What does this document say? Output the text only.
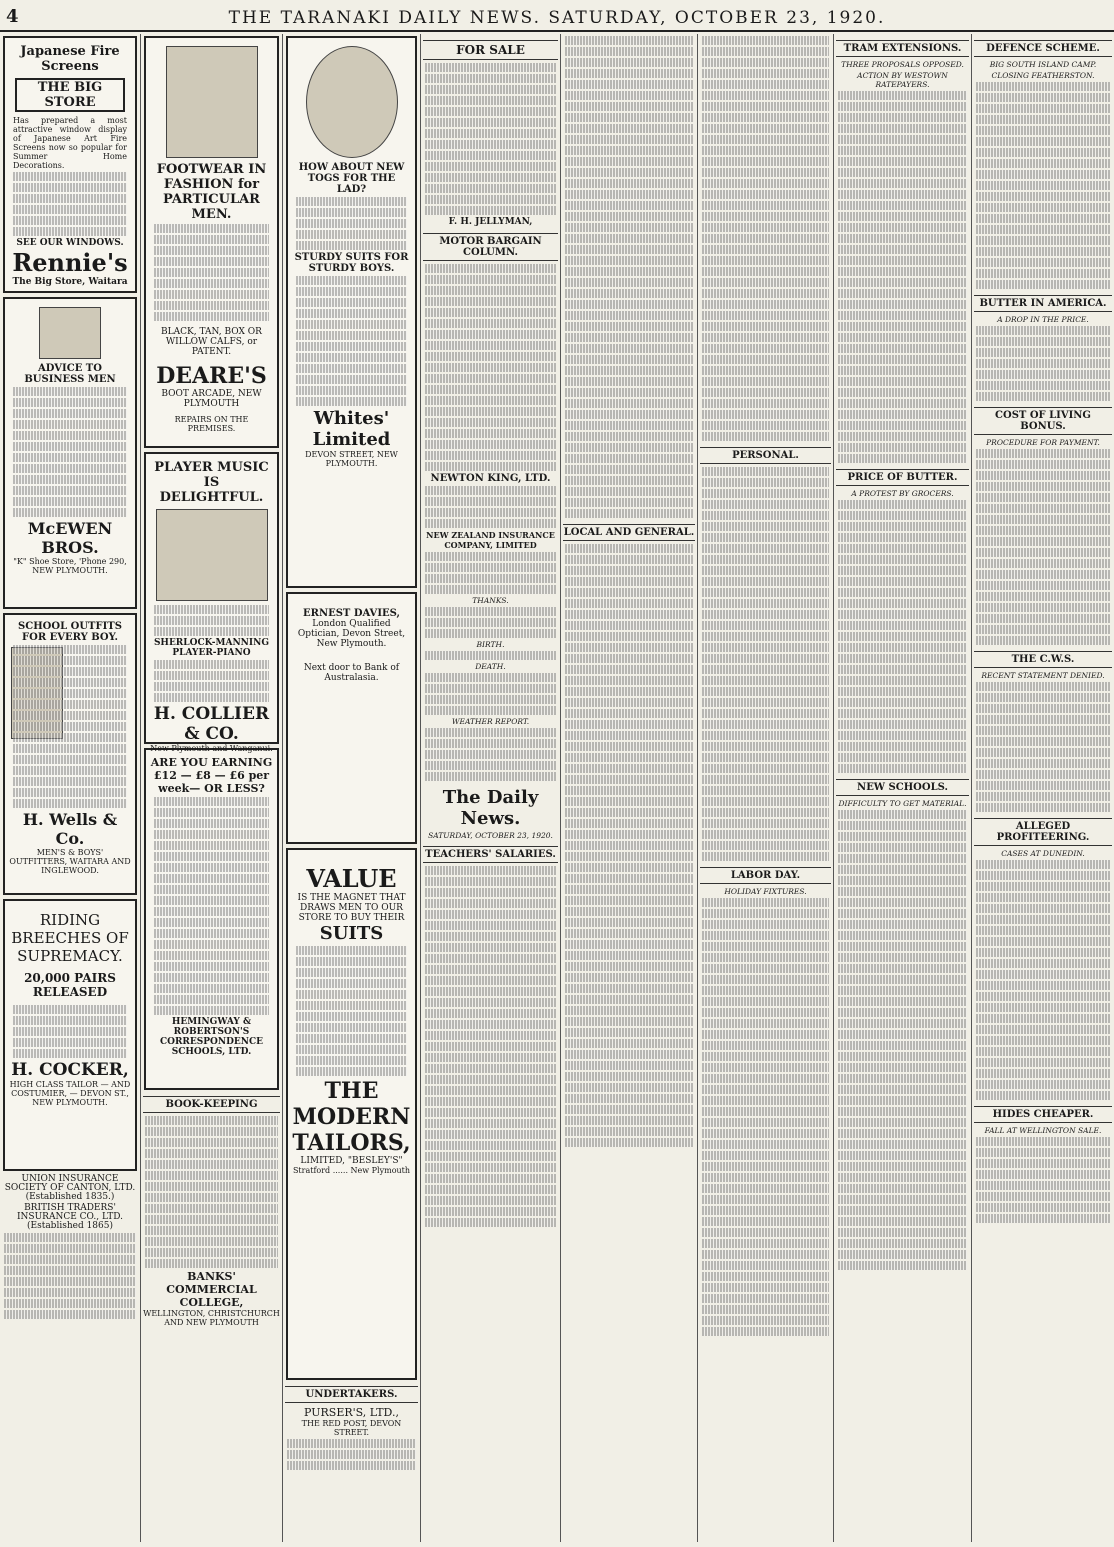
4	THE TARANAKI DAILY NEWS. SATURDAY, OCTOBER 23, 1920.
Japanese Fire Screens
THE BIG STORE
Has prepared a most attractive window display of Japanese Art Fire Screens now so popular for Summer Home Decorations.
SEE OUR WINDOWS.
Rennie's
The Big Store, Waitara
ADVICE TO BUSINESS MEN
McEWEN BROS.
"K" Shoe Store, 'Phone 290, NEW PLYMOUTH.
SCHOOL OUTFITS FOR EVERY BOY.
H. Wells & Co.
MEN'S & BOYS' OUTFITTERS, WAITARA AND INGLEWOOD.
RIDING BREECHES OF SUPREMACY.
20,000 PAIRS RELEASED
H. COCKER,
HIGH CLASS TAILOR — AND COSTUMIER, — DEVON ST., NEW PLYMOUTH.
UNION INSURANCE SOCIETY OF CANTON, LTD. (Established 1835.)
BRITISH TRADERS' INSURANCE CO., LTD. (Established 1865)
FOOTWEAR IN FASHION for PARTICULAR MEN.
BLACK, TAN, BOX OR WILLOW CALFS, or PATENT.
DEARE'S
BOOT ARCADE, NEW PLYMOUTH
REPAIRS ON THE PREMISES.
PLAYER MUSIC IS DELIGHTFUL.
SHERLOCK-MANNING PLAYER-PIANO
H. COLLIER & CO.
New Plymouth and Wanganui.
ARE YOU EARNING £12 — £8 — £6 per week— OR LESS?
HEMINGWAY & ROBERTSON'S CORRESPONDENCE SCHOOLS, LTD.
BOOK-KEEPING
BANKS' COMMERCIAL COLLEGE,
WELLINGTON, CHRISTCHURCH AND NEW PLYMOUTH
HOW ABOUT NEW TOGS FOR THE LAD?
STURDY SUITS FOR STURDY BOYS.
Whites' Limited
DEVON STREET, NEW PLYMOUTH.
ERNEST DAVIES,
London Qualified Optician, Devon Street, New Plymouth.
Next door to Bank of Australasia.
VALUE
IS THE MAGNET THAT DRAWS MEN TO OUR STORE TO BUY THEIR
SUITS
THE MODERN TAILORS,
LIMITED, "BESLEY'S"
Stratford ...... New Plymouth
UNDERTAKERS.
PURSER'S, LTD.,
THE RED POST, DEVON STREET.
FOR SALE
F. H. JELLYMAN,
MOTOR BARGAIN COLUMN.
NEWTON KING, LTD.
NEW ZEALAND INSURANCE COMPANY, LIMITED
THANKS.
BIRTH.
DEATH.
WEATHER REPORT.
The Daily News.
SATURDAY, OCTOBER 23, 1920.
TEACHERS' SALARIES.
LOCAL AND GENERAL.
PERSONAL.
LABOR DAY.
HOLIDAY FIXTURES.
TRAM EXTENSIONS.
THREE PROPOSALS OPPOSED.
ACTION BY WESTOWN RATEPAYERS.
PRICE OF BUTTER.
A PROTEST BY GROCERS.
NEW SCHOOLS.
DIFFICULTY TO GET MATERIAL.
DEFENCE SCHEME.
BIG SOUTH ISLAND CAMP.
CLOSING FEATHERSTON.
BUTTER IN AMERICA.
A DROP IN THE PRICE.
COST OF LIVING BONUS.
PROCEDURE FOR PAYMENT.
THE C.W.S.
RECENT STATEMENT DENIED.
ALLEGED PROFITEERING.
CASES AT DUNEDIN.
HIDES CHEAPER.
FALL AT WELLINGTON SALE.
